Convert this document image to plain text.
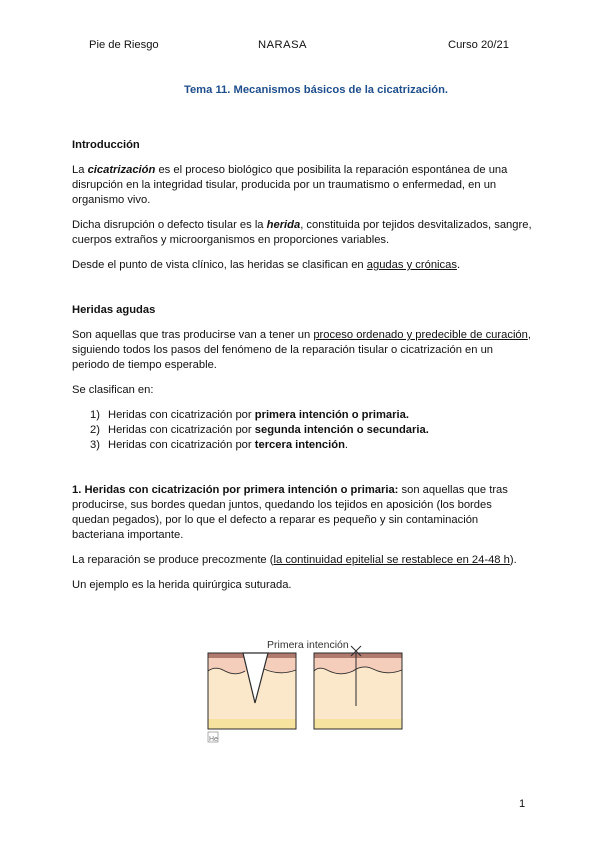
Pie de Riesgo	NARASA	Curso 20/21
Tema 11. Mecanismos básicos de la cicatrización.
Introducción

La cicatrización es el proceso biológico que posibilita la reparación espontánea de una disrupción en la integridad tisular, producida por un traumatismo o enfermedad, en un organismo vivo.

Dicha disrupción o defecto tisular es la herida, constituida por tejidos desvitalizados, sangre, cuerpos extraños y microorganismos en proporciones variables.

Desde el punto de vista clínico, las heridas se clasifican en agudas y crónicas.

Heridas agudas

Son aquellas que tras producirse van a tener un proceso ordenado y predecible de curación, siguiendo todos los pasos del fenómeno de la reparación tisular o cicatrización en un periodo de tiempo esperable.

Se clasifican en:

1) Heridas con cicatrización por primera intención o primaria.
2) Heridas con cicatrización por segunda intención o secundaria.
3) Heridas con cicatrización por tercera intención.

1. Heridas con cicatrización por primera intención o primaria: son aquellas que tras producirse, sus bordes quedan juntos, quedando los tejidos en aposición (los bordes quedan pegados), por lo que el defecto a reparar es pequeño y sin contaminación bacteriana importante.

La reparación se produce precozmente (la continuidad epitelial se restablece en 24-48 h).

Un ejemplo es la herida quirúrgica suturada.

Primera intención
He
1
